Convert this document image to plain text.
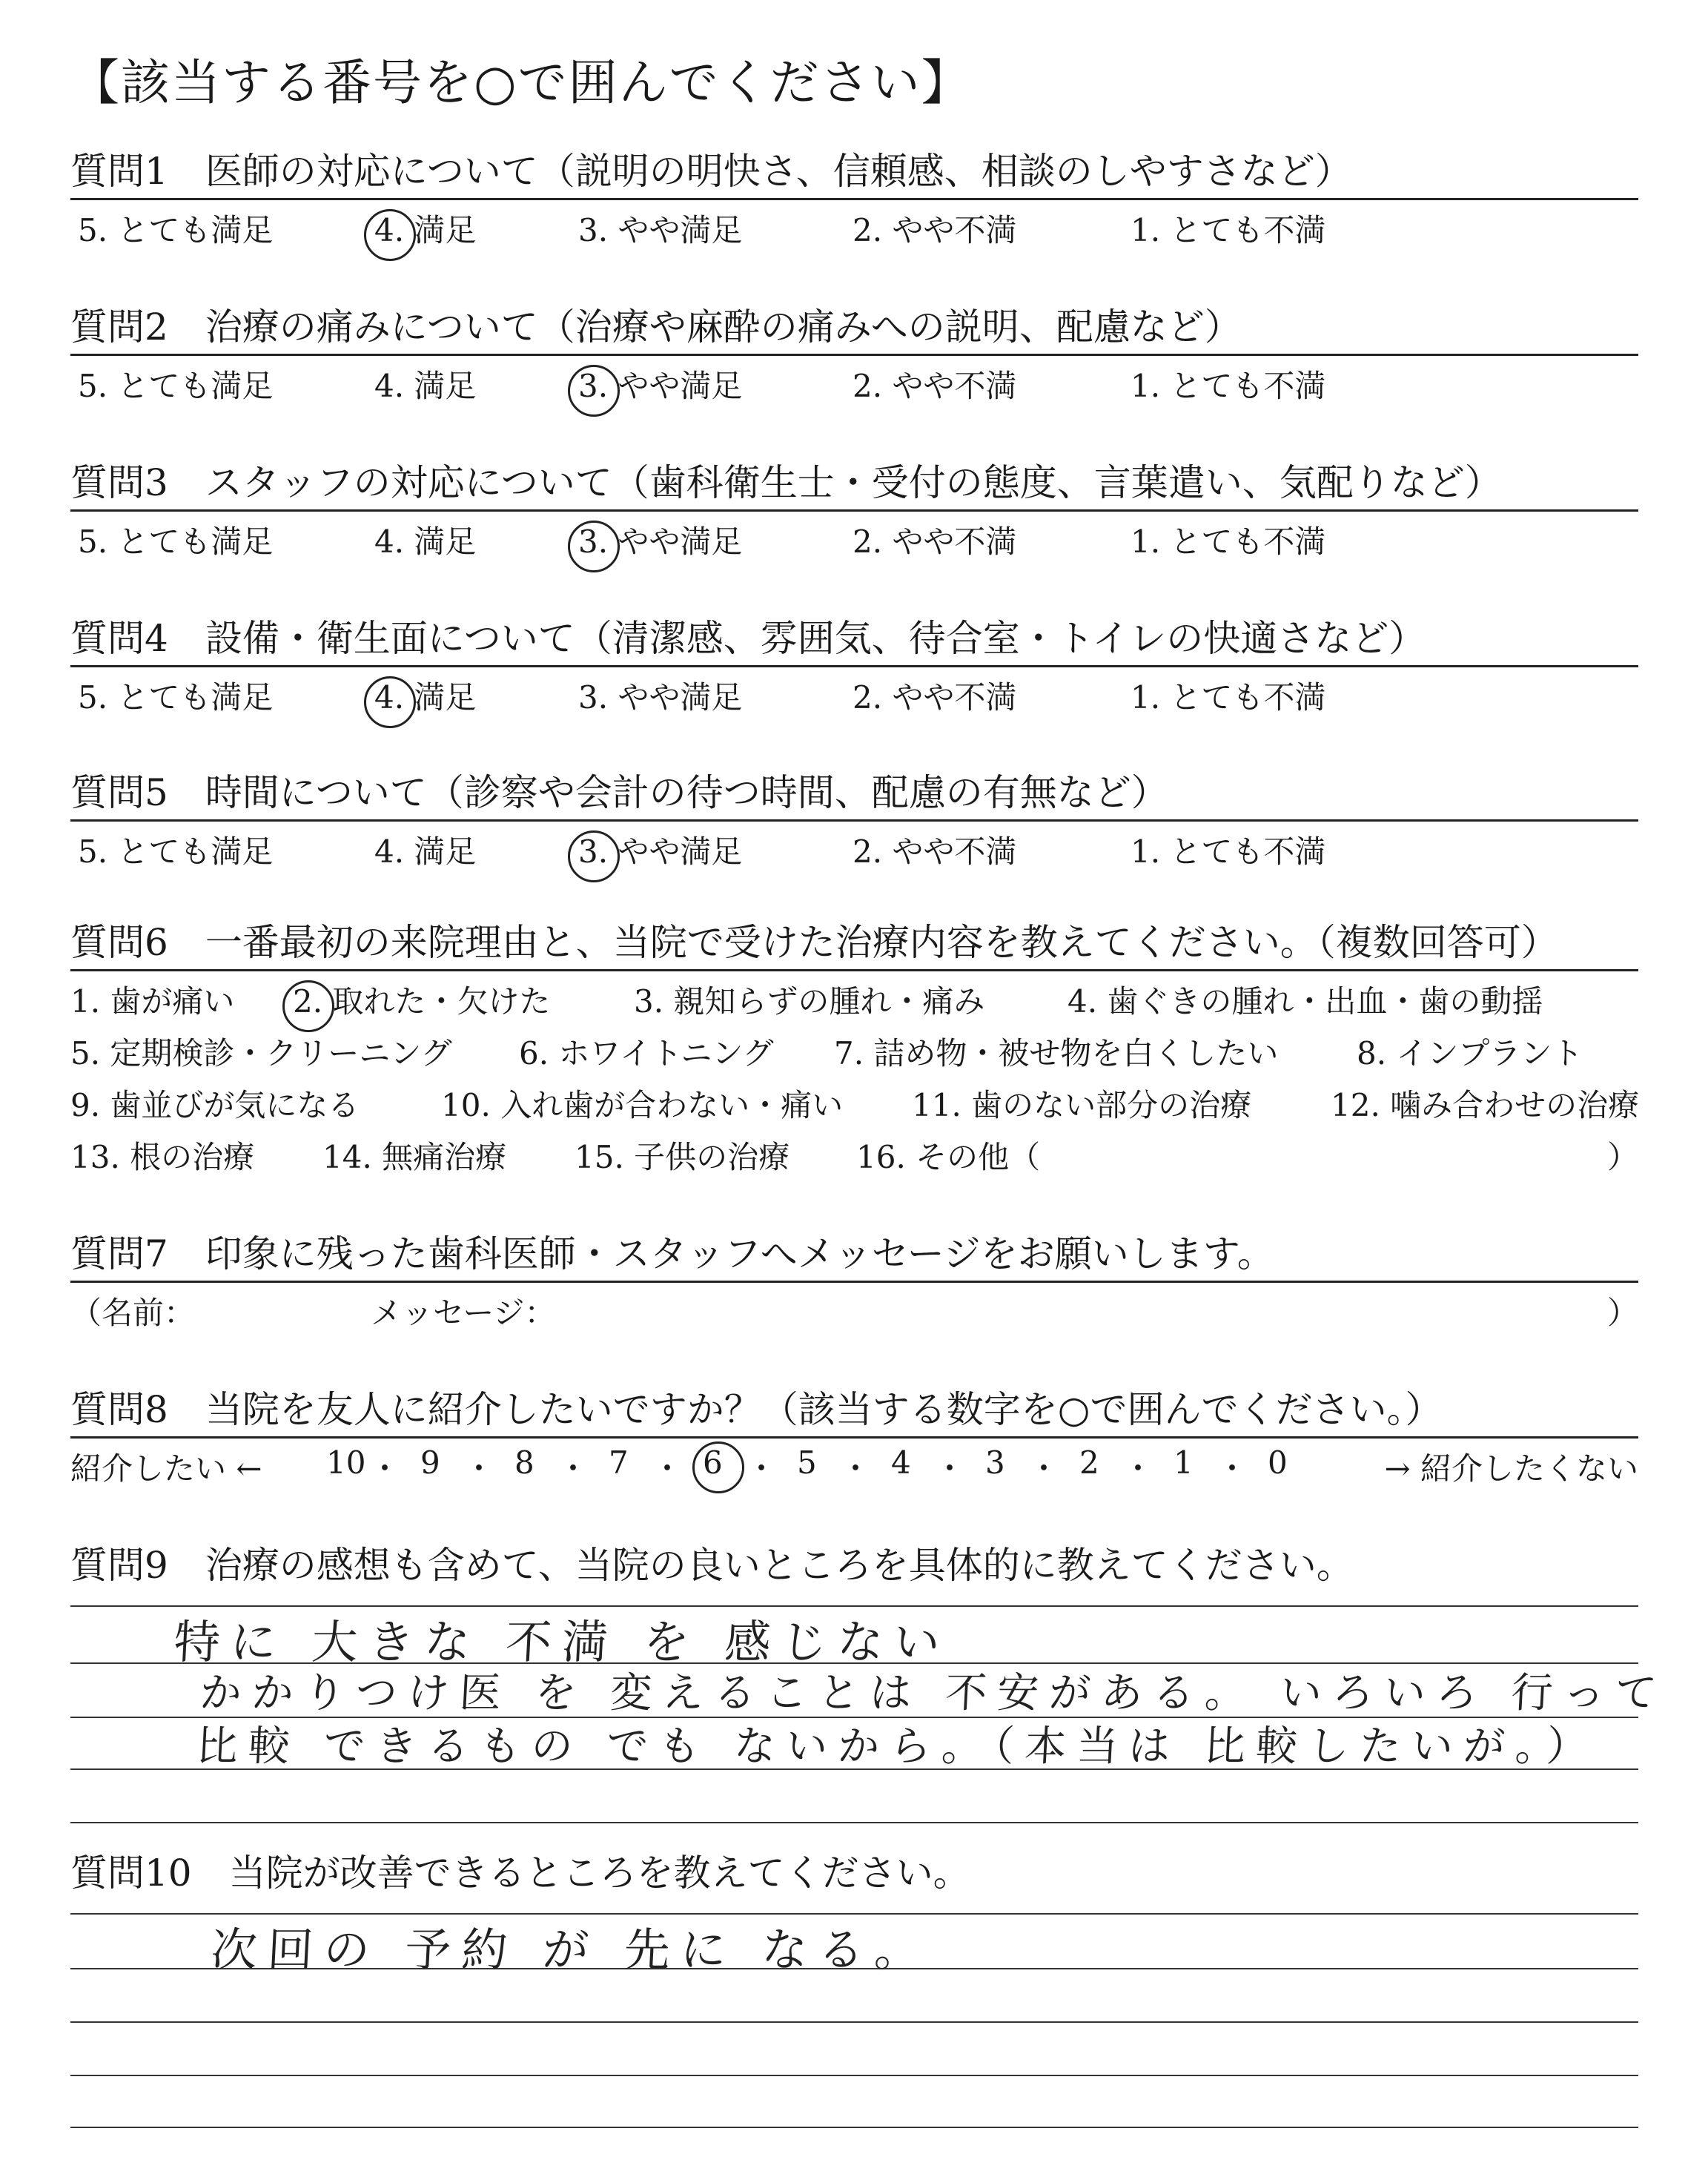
【該当する番号を○で囲んでください】
質問1　 医師の対応について（説明の明快さ、信頼感、相談のしやすさなど）
5. とても満足	4. 満足	3. やや満足	2. やや不満	1. とても不満
質問2　 治療の痛みについて（治療や麻酔の痛みへの説明、配慮など）
5. とても満足	4. 満足	3. やや満足	2. やや不満	1. とても不満
質問3　 スタッフの対応について（歯科衛生士・受付の態度、言葉遣い、気配りなど）
5. とても満足	4. 満足	3. やや満足	2. やや不満	1. とても不満
質問4　 設備・衛生面について（清潔感、雰囲気、待合室・トイレの快適さなど）
5. とても満足	4. 満足	3. やや満足	2. やや不満	1. とても不満
質問5　 時間について（診察や会計の待つ時間、配慮の有無など）
5. とても満足	4. 満足	3. やや満足	2. やや不満	1. とても不満
質問6　 一番最初の来院理由と、当院で受けた治療内容を教えてください。（複数回答可）
1. 歯が痛い 2. 取れた・欠けた	3. 親知らずの腫れ・痛み	4. 歯ぐきの腫れ・出血・歯の動揺
5. 定期検診・クリーニング 6. ホワイトニング 7. 詰め物・被せ物を白くしたい	8. インプラント
9. 歯並びが気になる	10. 入れ歯が合わない・痛い 11. 歯のない部分の治療	12. 噛み合わせの治療
13. 根の治療 14. 無痛治療 15. 子供の治療 16. その他（	）
質問7　 印象に残った歯科医師・スタッフへメッセージをお願いします。
（名前：	メッセージ：	）
質問8　 当院を友人に紹介したいですか？（該当する数字を○で囲んでください。）
紹介したい ←	→ 紹介したくない
10 ・ 9 ・ 8 ・ 7 ・ 6 ・ 5 ・ 4 ・ 3 ・ 2 ・ 1 ・ 0
質問9　 治療の感想も含めて、当院の良いところを具体的に教えてください。
特に 大きな 不満 を 感じない
かかりつけ医 を 変えることは 不安がある。 いろいろ 行って
比較 できるもの でも ないから。（本当は 比較したいが。）
質問10　 当院が改善できるところを教えてください。
次回の 予約 が 先に なる。
